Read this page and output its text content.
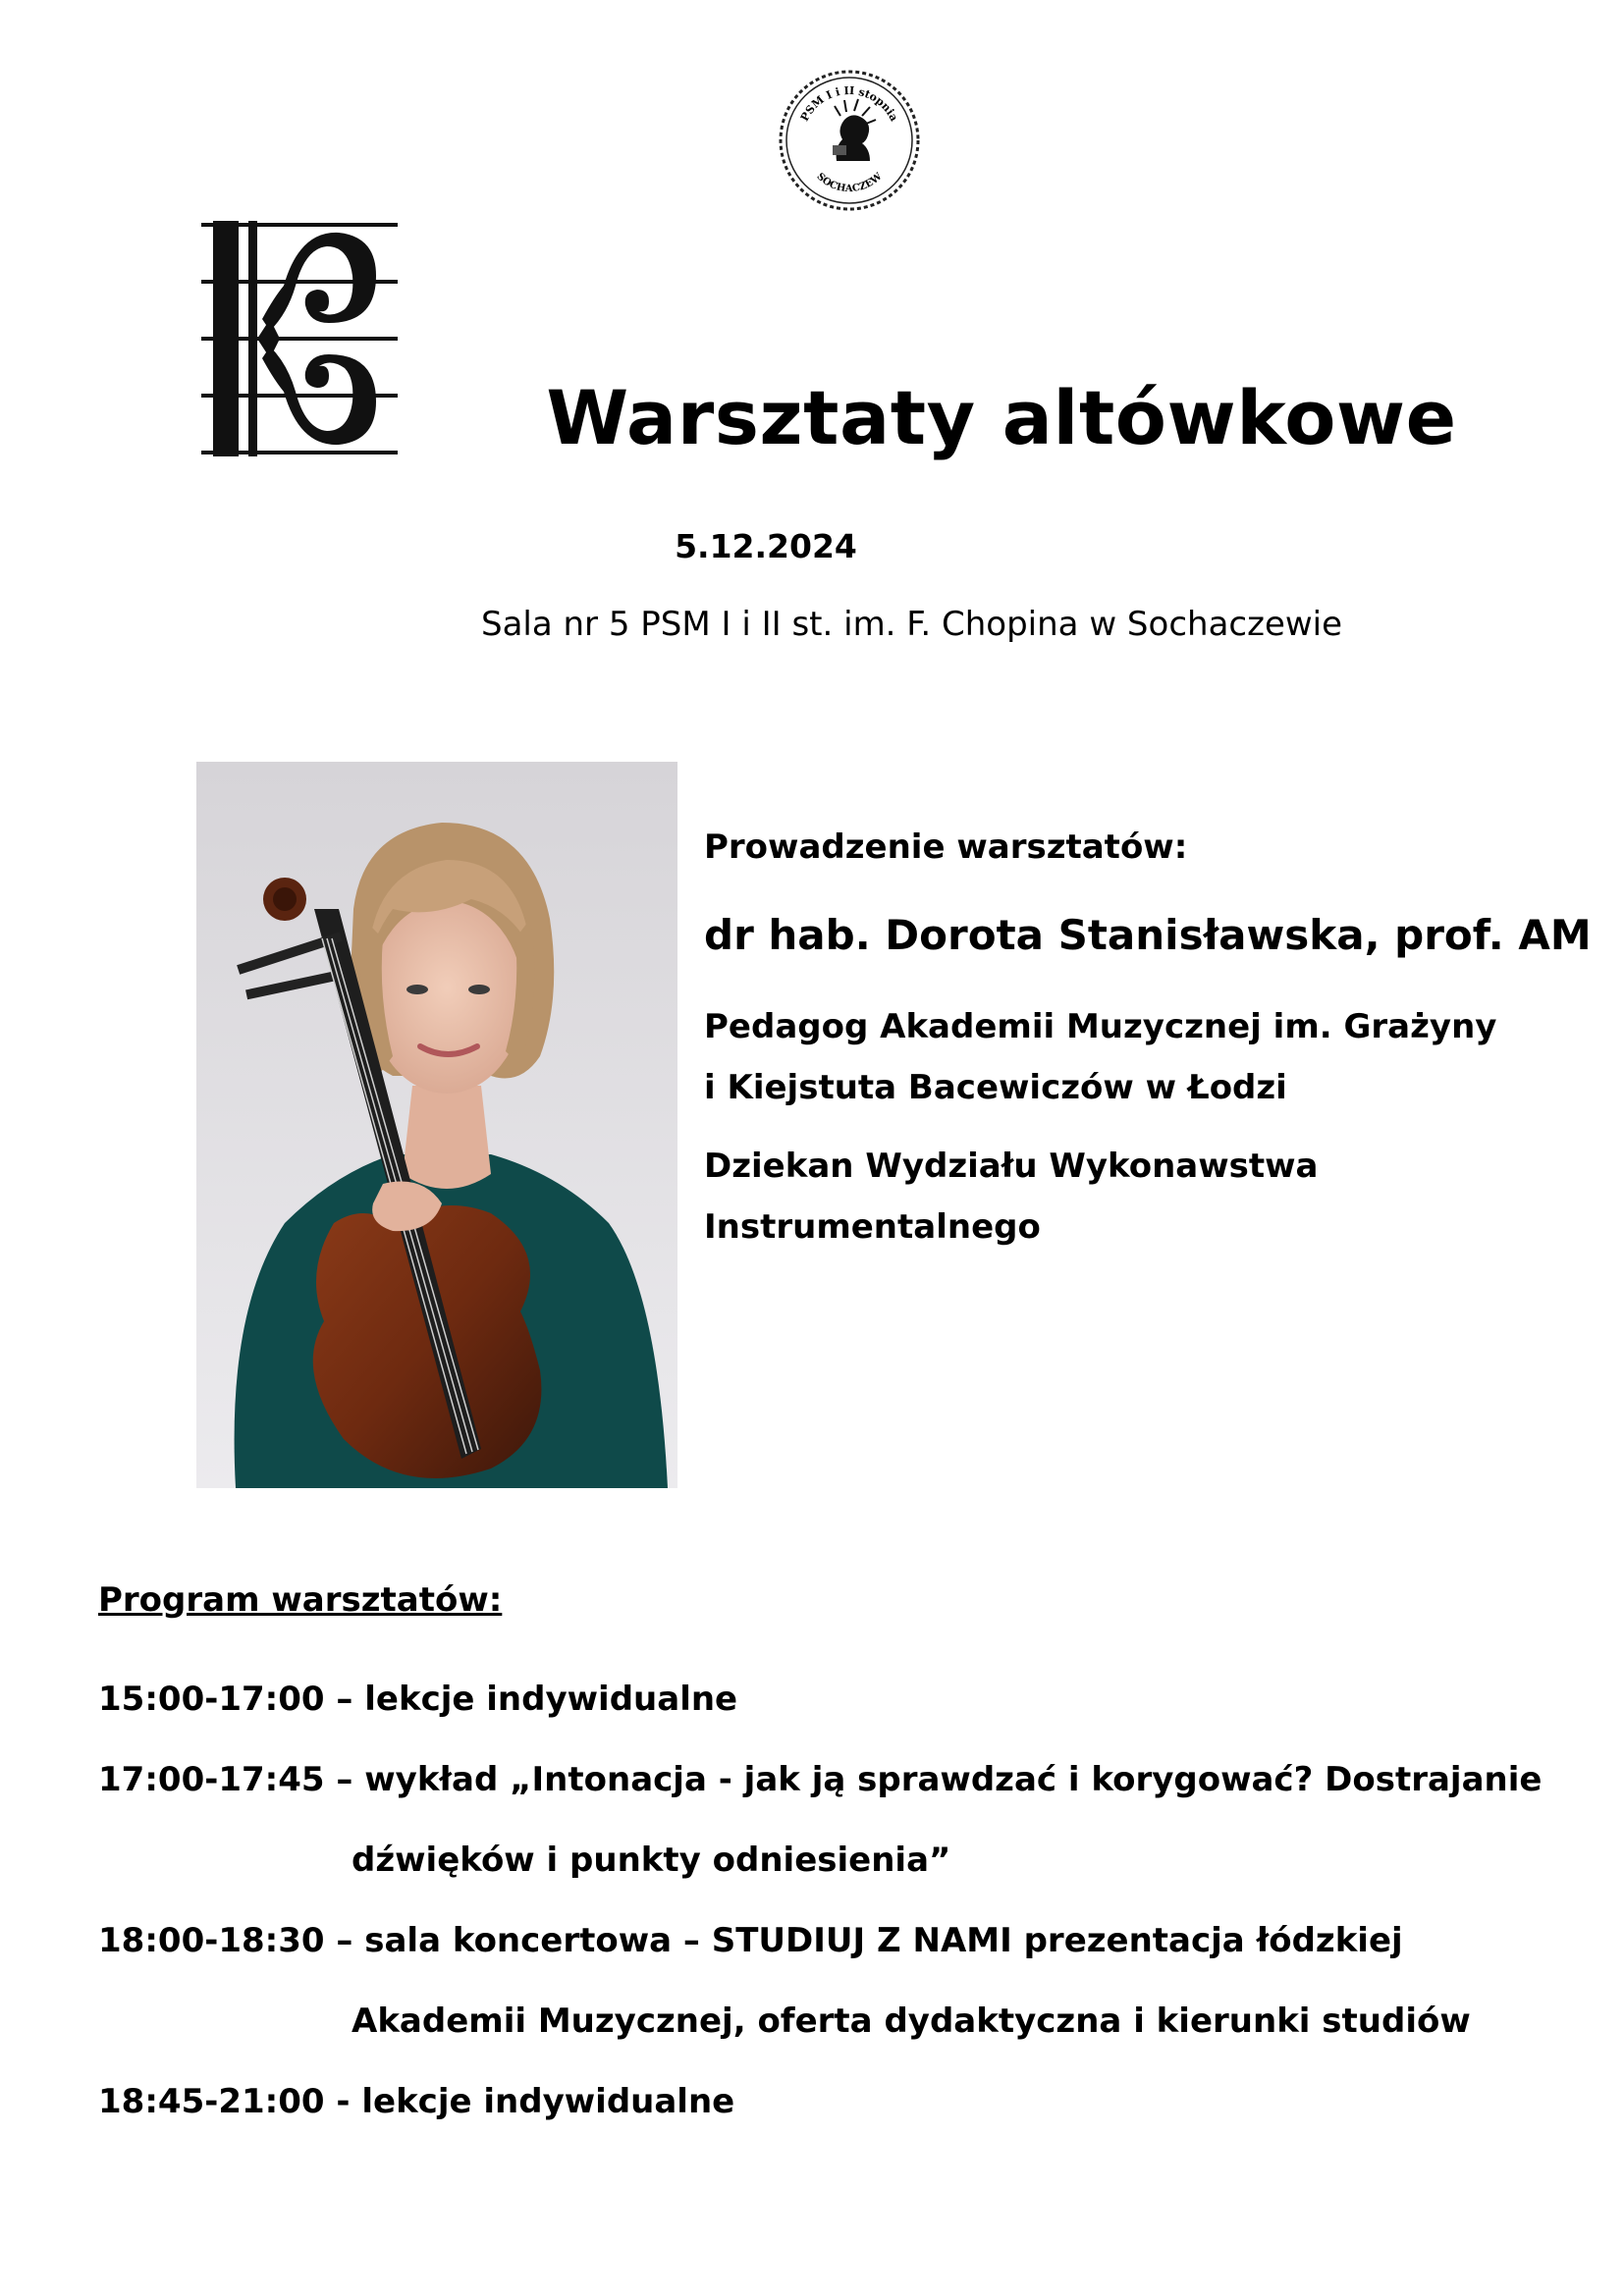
PSM I i II stopnia
SOCHACZEW
Warsztaty altówkowe
5.12.2024
Sala nr 5 PSM I i II st. im. F. Chopina w Sochaczewie
Prowadzenie warsztatów:
dr hab. Dorota Stanisławska, prof. AM

Pedagog Akademii Muzycznej im. Grażyny i Kiejstuta Bacewiczów w Łodzi

Dziekan Wydziału Wykonawstwa Instrumentalnego

Program warsztatów:
15:00-17:00 – lekcje indywidualne
17:00-17:45 – wykład „Intonacja - jak ją sprawdzać i korygować? Dostrajanie
dźwięków i punkty odniesienia”
18:00-18:30 – sala koncertowa – STUDIUJ Z NAMI prezentacja łódzkiej
Akademii Muzycznej, oferta dydaktyczna i kierunki studiów
18:45-21:00 - lekcje indywidualne
